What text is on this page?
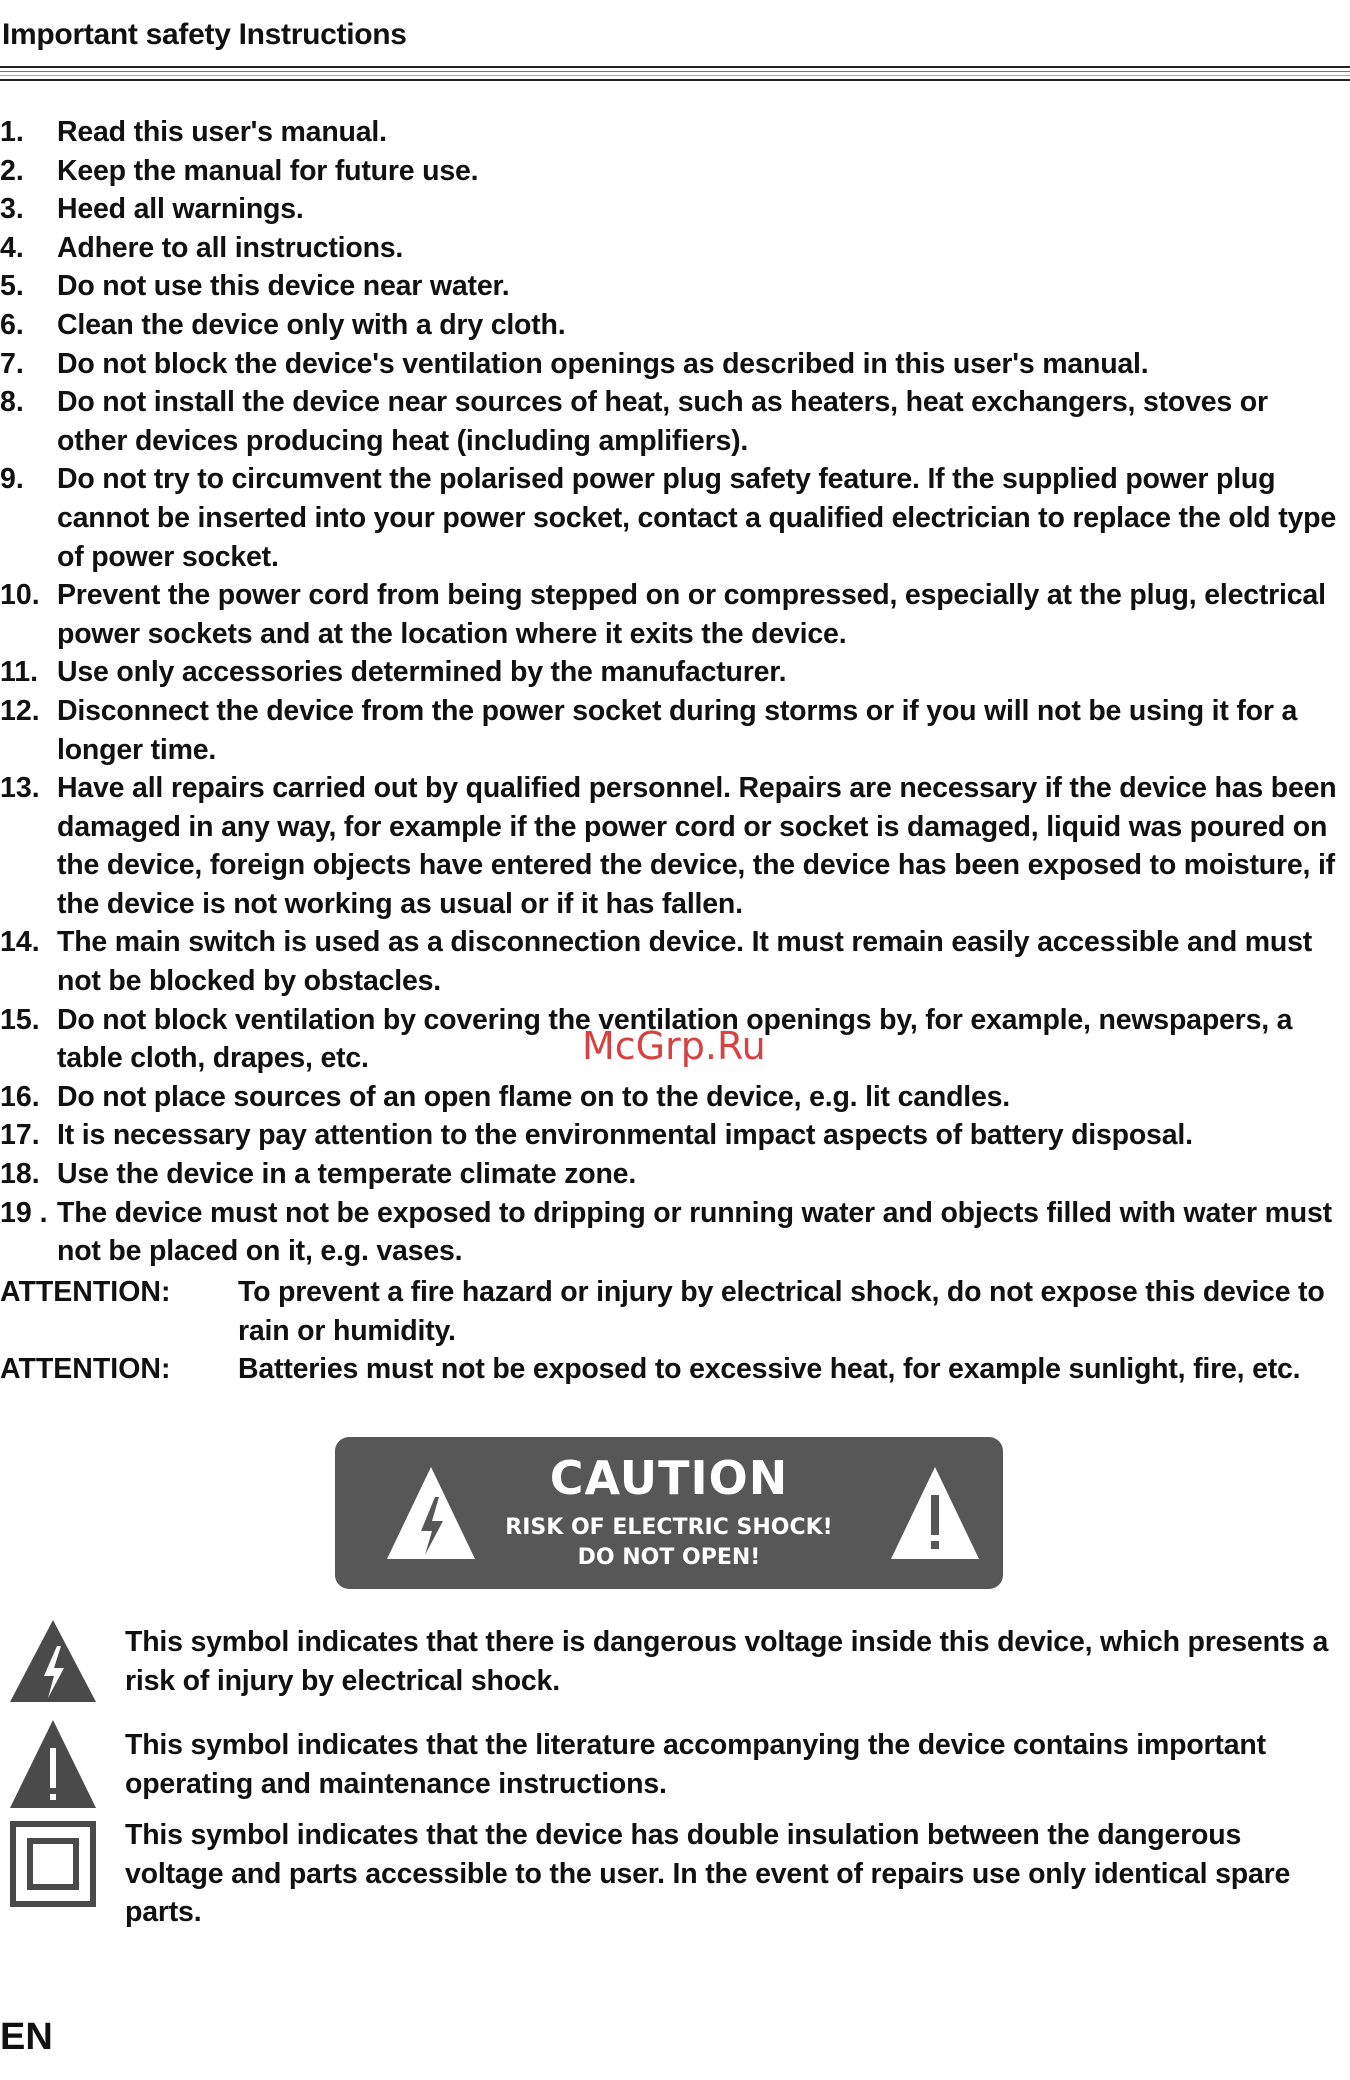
Important safety Instructions
1.	Read this user's manual.
2.	Keep the manual for future use.
3.	Heed all warnings.
4.	Adhere to all instructions.
5.	Do not use this device near water.
6.	Clean the device only with a dry cloth.
7.	Do not block the device's ventilation openings as described in this user's manual.
8.	Do not install the device near sources of heat, such as heaters, heat exchangers, stoves or other devices producing heat (including amplifiers).
9.	Do not try to circumvent the polarised power plug safety feature. If the supplied power plug cannot be inserted into your power socket, contact a qualified electrician to replace the old type of power socket.
10. Prevent the power cord from being stepped on or compressed, especially at the plug, electrical power sockets and at the location where it exits the device.
11. Use only accessories determined by the manufacturer.
12. Disconnect the device from the power socket during storms or if you will not be using it for a longer time.
13. Have all repairs carried out by qualified personnel. Repairs are necessary if the device has been damaged in any way, for example if the power cord or socket is damaged, liquid was poured on the device, foreign objects have entered the device, the device has been exposed to moisture, if the device is not working as usual or if it has fallen.
14. The main switch is used as a disconnection device. It must remain easily accessible and must not be blocked by obstacles.
15. Do not block ventilation by covering the ventilation openings by, for example, newspapers, a table cloth, drapes, etc.
16. Do not place sources of an open flame on to the device, e.g. lit candles.
17. It is necessary pay attention to the environmental impact aspects of battery disposal.
18. Use the device in a temperate climate zone.
19 . The device must not be exposed to dripping or running water and objects filled with water must not be placed on it, e.g. vases.
ATTENTION:	To prevent a fire hazard or injury by electrical shock, do not expose this device to rain or humidity.
ATTENTION:	Batteries must not be exposed to excessive heat, for example sunlight, fire, etc.
CAUTION
RISK OF ELECTRIC SHOCK!
DO NOT OPEN!
This symbol indicates that there is dangerous voltage inside this device, which presents a risk of injury by electrical shock.
This symbol indicates that the literature accompanying the device contains important operating and maintenance instructions.
This symbol indicates that the device has double insulation between the dangerous voltage and parts accessible to the user. In the event of repairs use only identical spare parts.
McGrp.Ru
EN
